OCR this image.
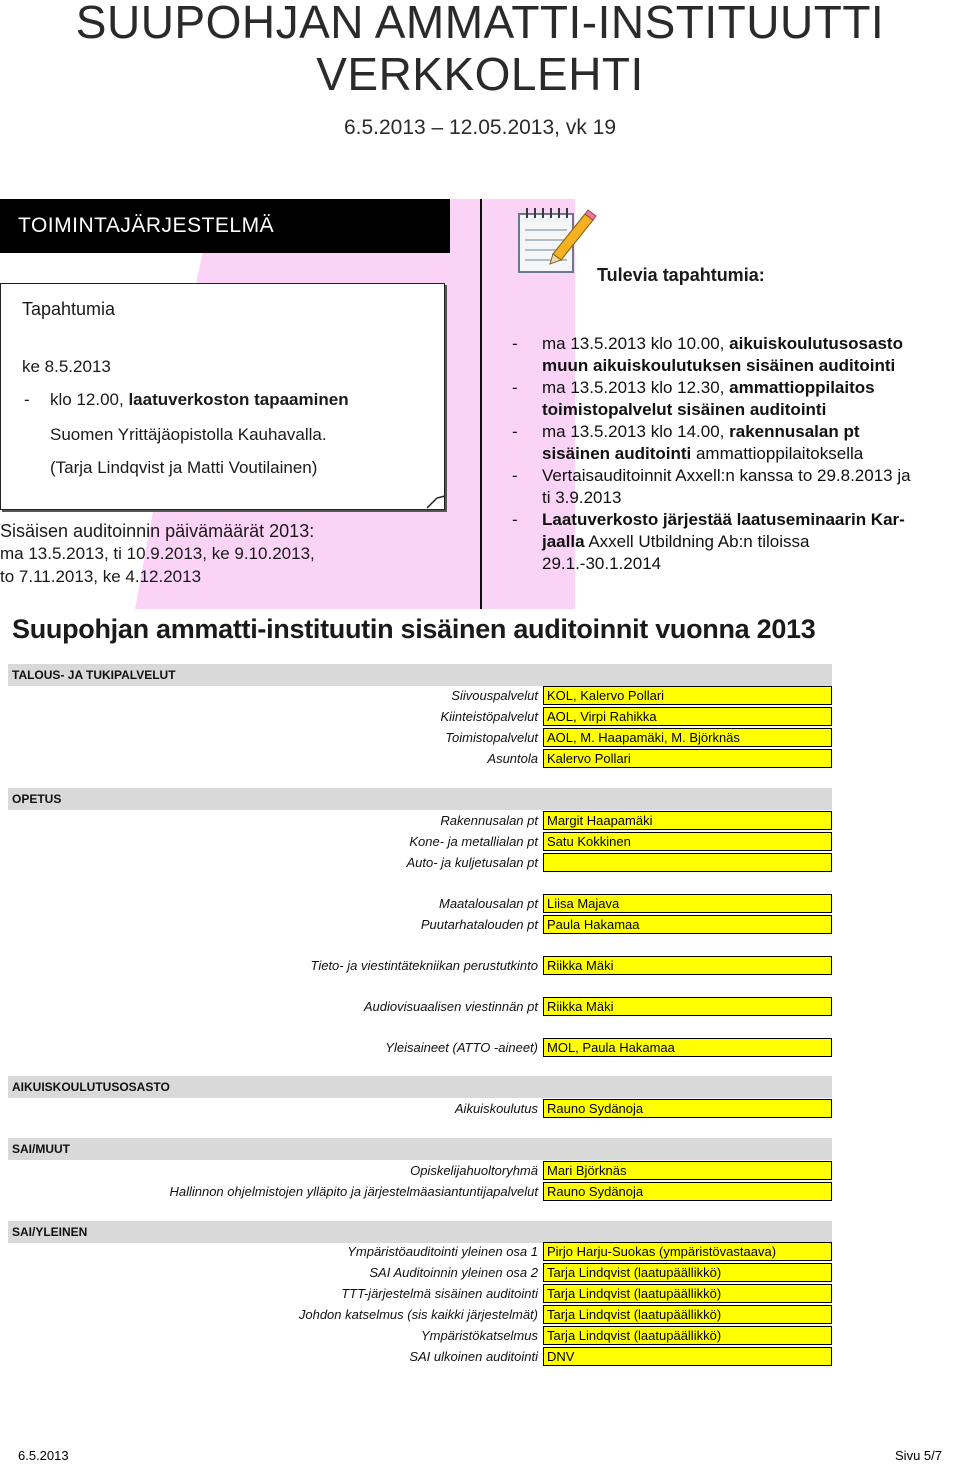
SUUPOHJAN AMMATTI-INSTITUUTTI
VERKKOLEHTI
6.5.2013 – 12.05.2013, vk 19
TOIMINTAJÄRJESTELMÄ
Tapahtumia
ke 8.5.2013
- klo 12.00, laatuverkoston tapaaminen
Suomen Yrittäjäopistolla Kauhavalla.
(Tarja Lindqvist ja Matti Voutilainen)
Sisäisen auditoinnin päivämäärät 2013:
ma 13.5.2013, ti 10.9.2013, ke 9.10.2013,
to 7.11.2013, ke 4.12.2013
Tulevia tapahtumia:
- ma 13.5.2013 klo 10.00, aikuiskoulutusosasto
muun aikuiskoulutuksen sisäinen auditointi
- ma 13.5.2013 klo 12.30, ammattioppilaitos
toimistopalvelut sisäinen auditointi
- ma 13.5.2013 klo 14.00, rakennusalan pt
sisäinen auditointi ammattioppilaitoksella
- Vertaisauditoinnit Axxell:n kanssa to 29.8.2013 ja
ti 3.9.2013
- Laatuverkosto järjestää laatuseminaarin Kar-
jaalla Axxell Utbildning Ab:n tiloissa
29.1.-30.1.2014
Suupohjan ammatti-instituutin sisäinen auditoinnit vuonna 2013
TALOUS- JA TUKIPALVELUT
OPETUS
AIKUISKOULUTUSOSASTO
SAI/MUUT
SAI/YLEINEN
Siivouspalvelut KOL, Kalervo Pollari
Kiinteistöpalvelut AOL, Virpi Rahikka
Toimistopalvelut AOL, M. Haapamäki, M. Björknäs
Asuntola Kalervo Pollari
Rakennusalan pt Margit Haapamäki
Kone- ja metallialan pt Satu Kokkinen
Auto- ja kuljetusalan pt
Maatalousalan pt Liisa Majava
Puutarhatalouden pt Paula Hakamaa
Tieto- ja viestintätekniikan perustutkinto Riikka Mäki
Audiovisuaalisen viestinnän pt Riikka Mäki
Yleisaineet (ATTO -aineet) MOL, Paula Hakamaa
Aikuiskoulutus Rauno Sydänoja
Opiskelijahuoltoryhmä Mari Björknäs
Hallinnon ohjelmistojen ylläpito ja järjestelmäasiantuntijapalvelut Rauno Sydänoja
Ympäristöauditointi yleinen osa 1 Pirjo Harju-Suokas (ympäristövastaava)
SAI Auditoinnin yleinen osa 2 Tarja Lindqvist (laatupäällikkö)
TTT-järjestelmä sisäinen auditointi Tarja Lindqvist (laatupäällikkö)
Johdon katselmus (sis kaikki järjestelmät) Tarja Lindqvist (laatupäällikkö)
Ympäristökatselmus Tarja Lindqvist (laatupäällikkö)
SAI ulkoinen auditointi DNV
6.5.2013	Sivu 5/7
